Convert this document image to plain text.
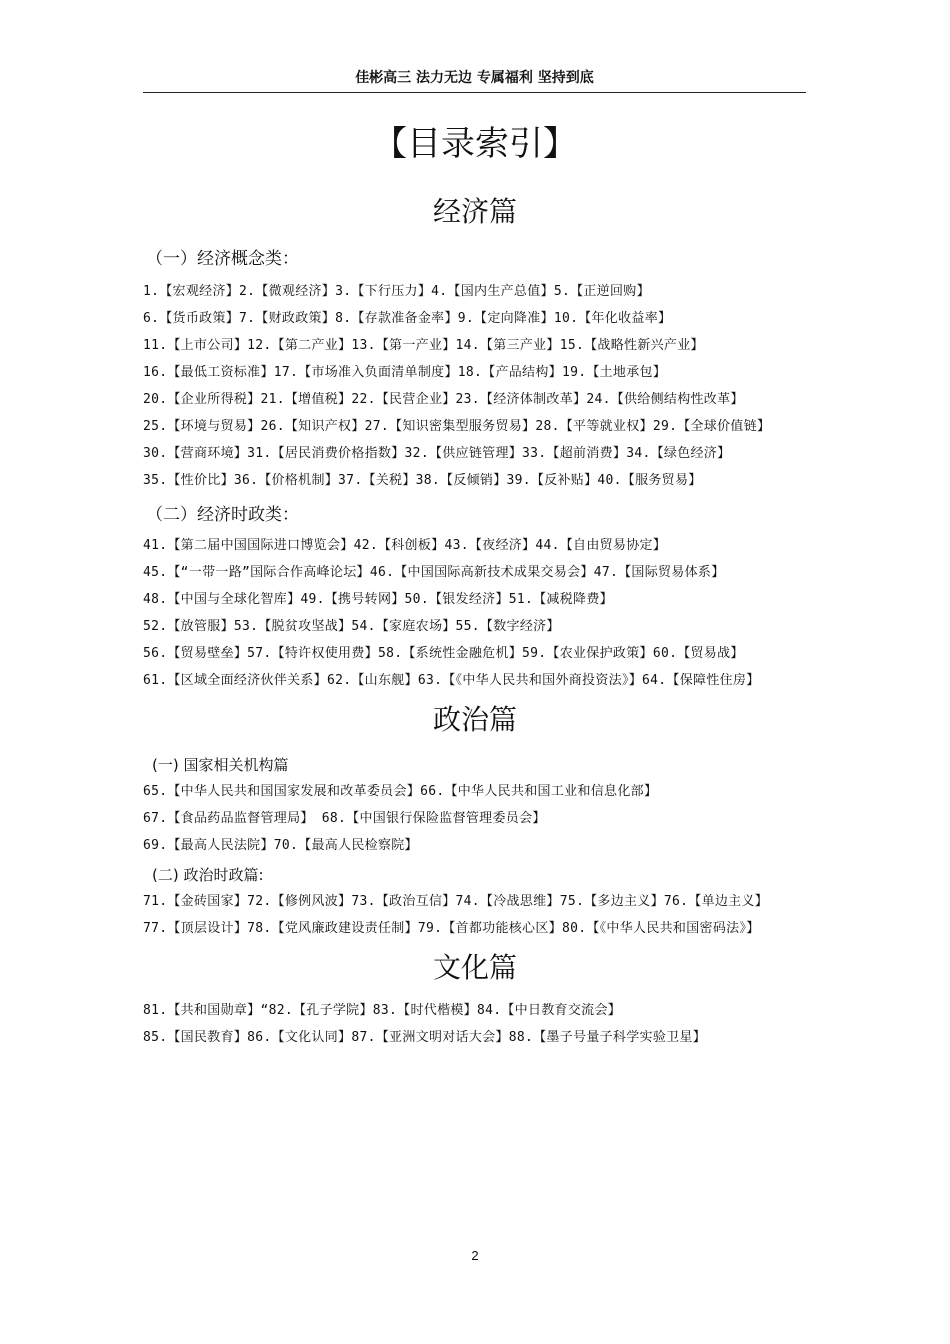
佳彬高三 法力无边 专属福利 坚持到底
【目录索引】
经济篇
（一）经济概念类：
1.【宏观经济】2.【微观经济】3.【下行压力】4.【国内生产总值】5.【正逆回购】
6.【货币政策】7.【财政政策】8.【存款准备金率】9.【定向降准】10.【年化收益率】
11.【上市公司】12.【第二产业】13.【第一产业】14.【第三产业】15.【战略性新兴产业】
16.【最低工资标准】17.【市场准入负面清单制度】18.【产品结构】19.【土地承包】
20.【企业所得税】21.【增值税】22.【民营企业】23.【经济体制改革】24.【供给侧结构性改革】
25.【环境与贸易】26.【知识产权】27.【知识密集型服务贸易】28.【平等就业权】29.【全球价值链】
30.【营商环境】31.【居民消费价格指数】32.【供应链管理】33.【超前消费】34.【绿色经济】
35.【性价比】36.【价格机制】37.【关税】38.【反倾销】39.【反补贴】40.【服务贸易】
（二）经济时政类：
41.【第二届中国国际进口博览会】42.【科创板】43.【夜经济】44.【自由贸易协定】
45.【“一带一路”国际合作高峰论坛】46.【中国国际高新技术成果交易会】47.【国际贸易体系】
48.【中国与全球化智库】49.【携号转网】50.【银发经济】51.【减税降费】
52.【放管服】53.【脱贫攻坚战】54.【家庭农场】55.【数字经济】
56.【贸易壁垒】57.【特许权使用费】58.【系统性金融危机】59.【农业保护政策】60.【贸易战】
61.【区域全面经济伙伴关系】62.【山东舰】63.【《中华人民共和国外商投资法》】64.【保障性住房】
政治篇
(一) 国家相关机构篇
65.【中华人民共和国国家发展和改革委员会】66.【中华人民共和国工业和信息化部】
67.【食品药品监督管理局】 68.【中国银行保险监督管理委员会】
69.【最高人民法院】70.【最高人民检察院】
(二) 政治时政篇:
71.【金砖国家】72.【修例风波】73.【政治互信】74.【冷战思维】75.【多边主义】76.【单边主义】
77.【顶层设计】78.【党风廉政建设责任制】79.【首都功能核心区】80.【《中华人民共和国密码法》】
文化篇
81.【共和国勋章】“82.【孔子学院】83.【时代楷模】84.【中日教育交流会】
85.【国民教育】86.【文化认同】87.【亚洲文明对话大会】88.【墨子号量子科学实验卫星】
2
